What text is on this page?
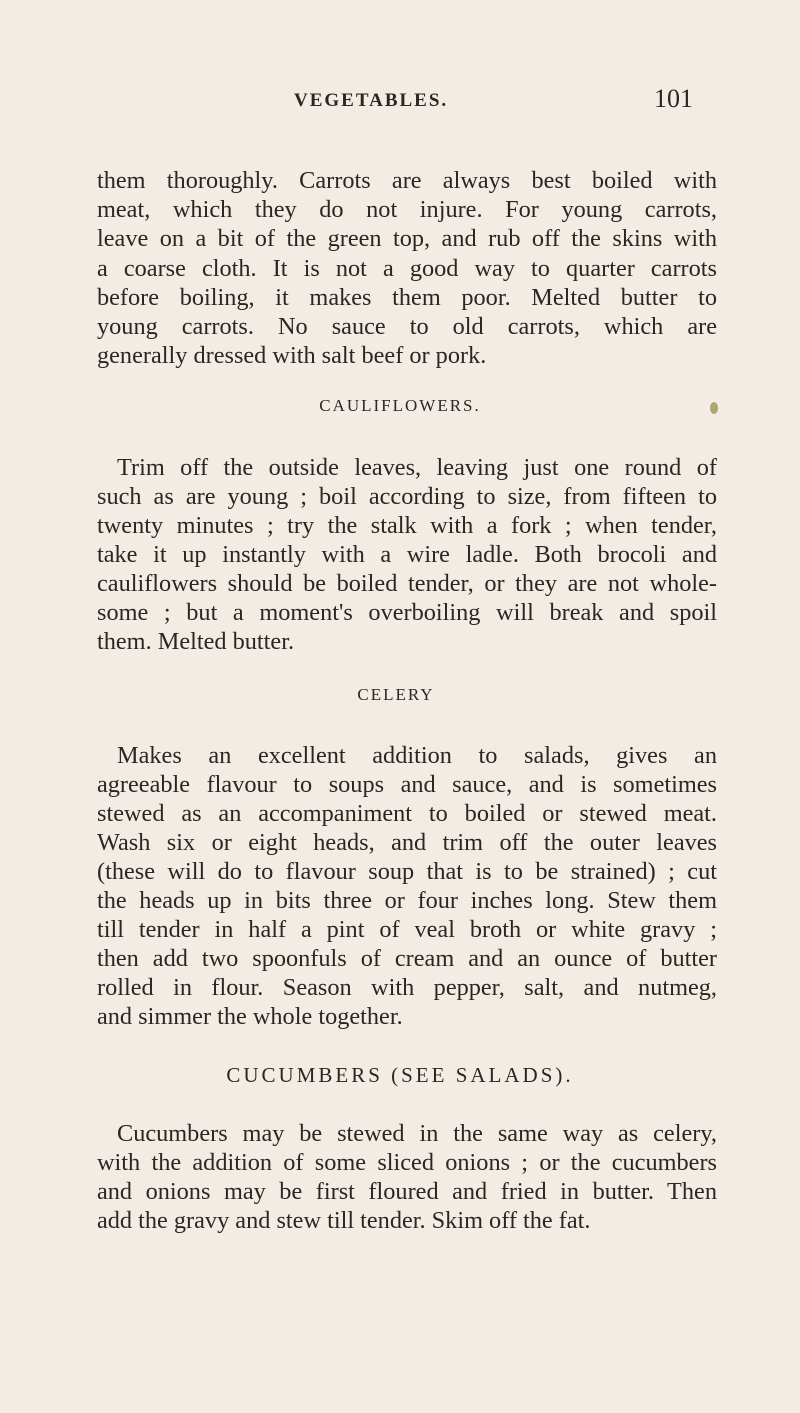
VEGETABLES.	101
them thoroughly. Carrots are always best boiled with
meat, which they do not injure. For young carrots,
leave on a bit of the green top, and rub off the skins with
a coarse cloth. It is not a good way to quarter carrots
before boiling, it makes them poor. Melted butter to
young carrots. No sauce to old carrots, which are
generally dressed with salt beef or pork.
CAULIFLOWERS.
Trim off the outside leaves, leaving just one round of
such as are young ; boil according to size, from fifteen to
twenty minutes ; try the stalk with a fork ; when tender,
take it up instantly with a wire ladle. Both brocoli and
cauliflowers should be boiled tender, or they are not whole-
some ; but a moment's overboiling will break and spoil
them. Melted butter.
CELERY
Makes an excellent addition to salads, gives an
agreeable flavour to soups and sauce, and is sometimes
stewed as an accompaniment to boiled or stewed meat.
Wash six or eight heads, and trim off the outer leaves
(these will do to flavour soup that is to be strained) ; cut
the heads up in bits three or four inches long. Stew them
till tender in half a pint of veal broth or white gravy ;
then add two spoonfuls of cream and an ounce of butter
rolled in flour. Season with pepper, salt, and nutmeg,
and simmer the whole together.
CUCUMBERS (SEE SALADS).
Cucumbers may be stewed in the same way as celery,
with the addition of some sliced onions ; or the cucumbers
and onions may be first floured and fried in butter. Then
add the gravy and stew till tender. Skim off the fat.
